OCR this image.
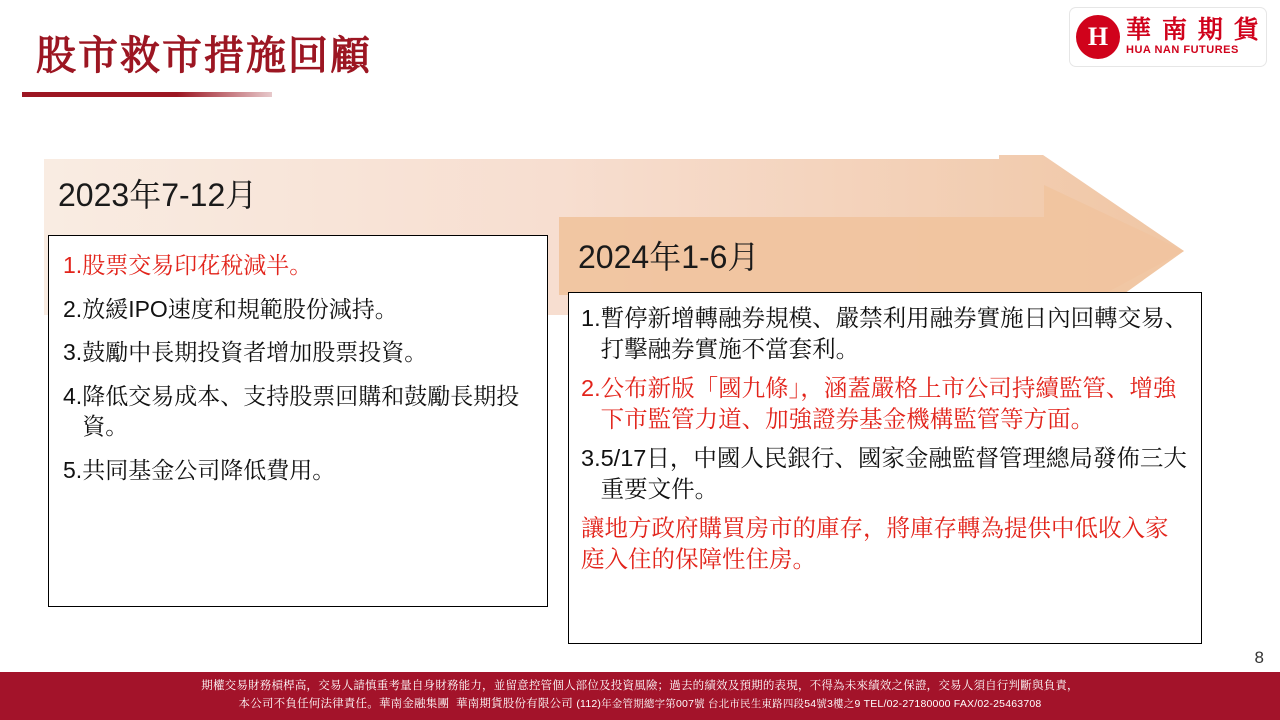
H 華 南 期 貨
HUA NAN FUTURES
股市救市措施回顧
2023年7-12月
2024年1-6月
1. 股票交易印花稅減半。
2. 放緩IPO速度和規範股份減持。
3. 鼓勵中長期投資者增加股票投資。
4. 降低交易成本、支持股票回購和鼓勵長期投資。
5. 共同基金公司降低費用。
1. 暫停新增轉融券規模、嚴禁利用融券實施日內回轉交易、打擊融券實施不當套利。
2. 公布新版「國九條」，涵蓋嚴格上市公司持續監管、增強下市監管力道、加強證券基金機構監管等方面。
3. 5/17日，中國人民銀行、國家金融監督管理總局發佈三大重要文件。
讓地方政府購買房市的庫存，將庫存轉為提供中低收入家庭入住的保障性住房。
8
期權交易財務槓桿高，交易人請慎重考量自身財務能力，並留意控管個人部位及投資風險；過去的績效及預期的表現，不得為未來績效之保證，交易人須自行判斷與負責，
本公司不負任何法律責任。華南金融集團 華南期貨股份有限公司 (112)年金管期總字第007號 台北市民生東路四段54號3樓之9 TEL/02-27180000 FAX/02-25463708
